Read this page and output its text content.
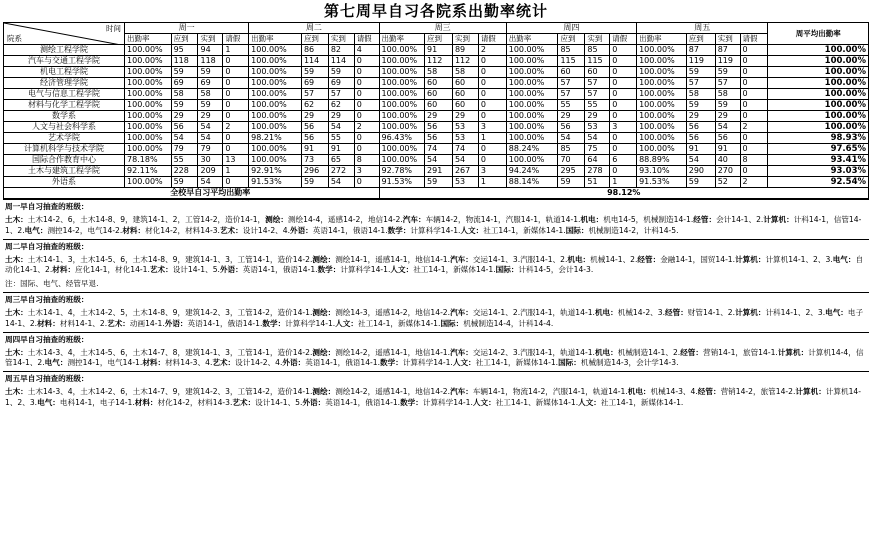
第七周早自习各院系出勤率统计
院系
时间	周一				周二				周三				周四				周五				周平均出勤率
	出勤率	应到	实到	请假	出勤率	应到	实到	请假	出勤率	应到	实到	请假	出勤率	应到	实到	请假	出勤率	应到	实到	请假	
测绘工程学院	100.00%	95	94	1	100.00%	86	82	4	100.00%	91	89	2	100.00%	85	85	0	100.00%	87	87	0	100.00%
汽车与交通工程学院	100.00%	118	118	0	100.00%	114	114	0	100.00%	112	112	0	100.00%	115	115	0	100.00%	119	119	0	100.00%
机电工程学院	100.00%	59	59	0	100.00%	59	59	0	100.00%	58	58	0	100.00%	60	60	0	100.00%	59	59	0	100.00%
经济管理学院	100.00%	69	69	0	100.00%	69	69	0	100.00%	60	60	0	100.00%	57	57	0	100.00%	57	57	0	100.00%
电气与信息工程学院	100.00%	58	58	0	100.00%	57	57	0	100.00%	60	60	0	100.00%	57	57	0	100.00%	58	58	0	100.00%
材料与化学工程学院	100.00%	59	59	0	100.00%	62	62	0	100.00%	60	60	0	100.00%	55	55	0	100.00%	59	59	0	100.00%
数学系	100.00%	29	29	0	100.00%	29	29	0	100.00%	29	29	0	100.00%	29	29	0	100.00%	29	29	0	100.00%
人文与社会科学系	100.00%	56	54	2	100.00%	56	54	2	100.00%	56	53	3	100.00%	56	53	3	100.00%	56	54	2	100.00%
艺术学院	100.00%	54	54	0	98.21%	56	55	0	96.43%	56	53	1	100.00%	54	54	0	100.00%	56	56	0	98.93%
计算机科学与技术学院	100.00%	79	79	0	100.00%	91	91	0	100.00%	74	74	0	88.24%	85	75	0	100.00%	91	91	0	97.65%
国际合作教育中心	78.18%	55	30	13	100.00%	73	65	8	100.00%	54	54	0	100.00%	70	64	6	88.89%	54	40	8	93.41%
土木与建筑工程学院	92.11%	228	209	1	92.91%	296	272	3	92.78%	291	267	3	94.24%	295	278	0	93.10%	290	270	0	93.03%
外语系	100.00%	59	54	0	91.53%	59	54	0	91.53%	59	53	1	88.14%	59	51	1	91.53%	59	52	2	92.54%
全校早自习平均出勤率									98.12%												
周一早自习抽查的班级：
土木：土木14-2、6，土木14-8、9，建筑14-1、2，工管14-2，造价14-1，测绘：测绘14-4，遥感14-2，地信14-2.汽车：车辆14-2，物流14-1，汽服14-1，轨道14-1.机电：机电14-5，机械制造14-1.经管：会计14-1、2.计算机：计科14-1，信管14-1、2.电气：测控14-2，电气14-2.材料：材化14-2，材料14-3.艺术：设计14-2、4.外语：英语14-1，俄语14-1.数学：计算科学14-1.人文：社工14-1，新媒体14-1.国际：机械制造14-2，计科14-5.
周二早自习抽查的班级：
土木：土木14-1、3，土木14-5、6，土木14-8、9，建筑14-1、3，工管14-1，造价14-2.测绘：测绘14-1，遥感14-1，地信14-1.汽车：交运14-1、3.汽服14-1、2.机电：机械14-1、2.经管：金融14-1，国贸14-1.计算机：计算机14-1、2、3.电气：自动化14-1、2.材料：应化14-1，材化14-1.艺术：设计14-1、5.外语：英语14-1，俄语14-1.数学：计算科学14-1.人文：社工14-1，新媒体14-1.国际：计科14-5，会计14-3.
注：国际、电气、经管早退.
周三早自习抽查的班级：
土木：土木14-1、4，土木14-2、5，土木14-8、9，建筑14-2、3，工管14-2，造价14-1.测绘：测绘14-3，遥感14-2，地信14-2.汽车：交运14-1、2.汽服14-1，轨道14-1.机电：机械14-2、3.经管：财管14-1、2.计算机：计科14-1、2、3.电气：电子14-1、2.材料：材料14-1、2.艺术：动画14-1.外语：英语14-1，俄语14-1.数学：计算科学14-1.人文：社工14-1，新媒体14-1.国际：机械制造14-4，计科14-4.
周四早自习抽查的班级：
土木：土木14-3、4，土木14-5、6，土木14-7、8，建筑14-1、3，工管14-1，造价14-2.测绘：测绘14-2，遥感14-1，地信14-1.汽车：交运14-2、3.汽服14-1，轨道14-1.机电：机械制造14-1、2.经管：营销14-1，旅管14-1.计算机：计算机14-4，信管14-1、2.电气：测控14-1，电气14-1.材料：材料14-3、4.艺术：设计14-2、4.外语：英语14-1，俄语14-1.数学：计算科学14-1.人文：社工14-1，新媒体14-1.国际：机械制造14-3，会计学14-3.
周五早自习抽查的班级：
土木：土木14-3、4，土木14-2、6，土木14-7、9，建筑14-2、3，工管14-2，造价14-1.测绘：测绘14-2，遥感14-1，地信14-2.汽车：车辆14-1，物流14-2，汽服14-1，轨道14-1.机电：机械14-3、4.经管：营销14-2，旅管14-2.计算机：计算机14-1、2、3.电气：电科14-1，电子14-1.材料：材化14-2，材料14-3.艺术：设计14-1、5.外语：英语14-1，俄语14-1.数学：计算科学14-1.人文：社工14-1、新媒体14-1.人文：社工14-1，新媒体14-1.
